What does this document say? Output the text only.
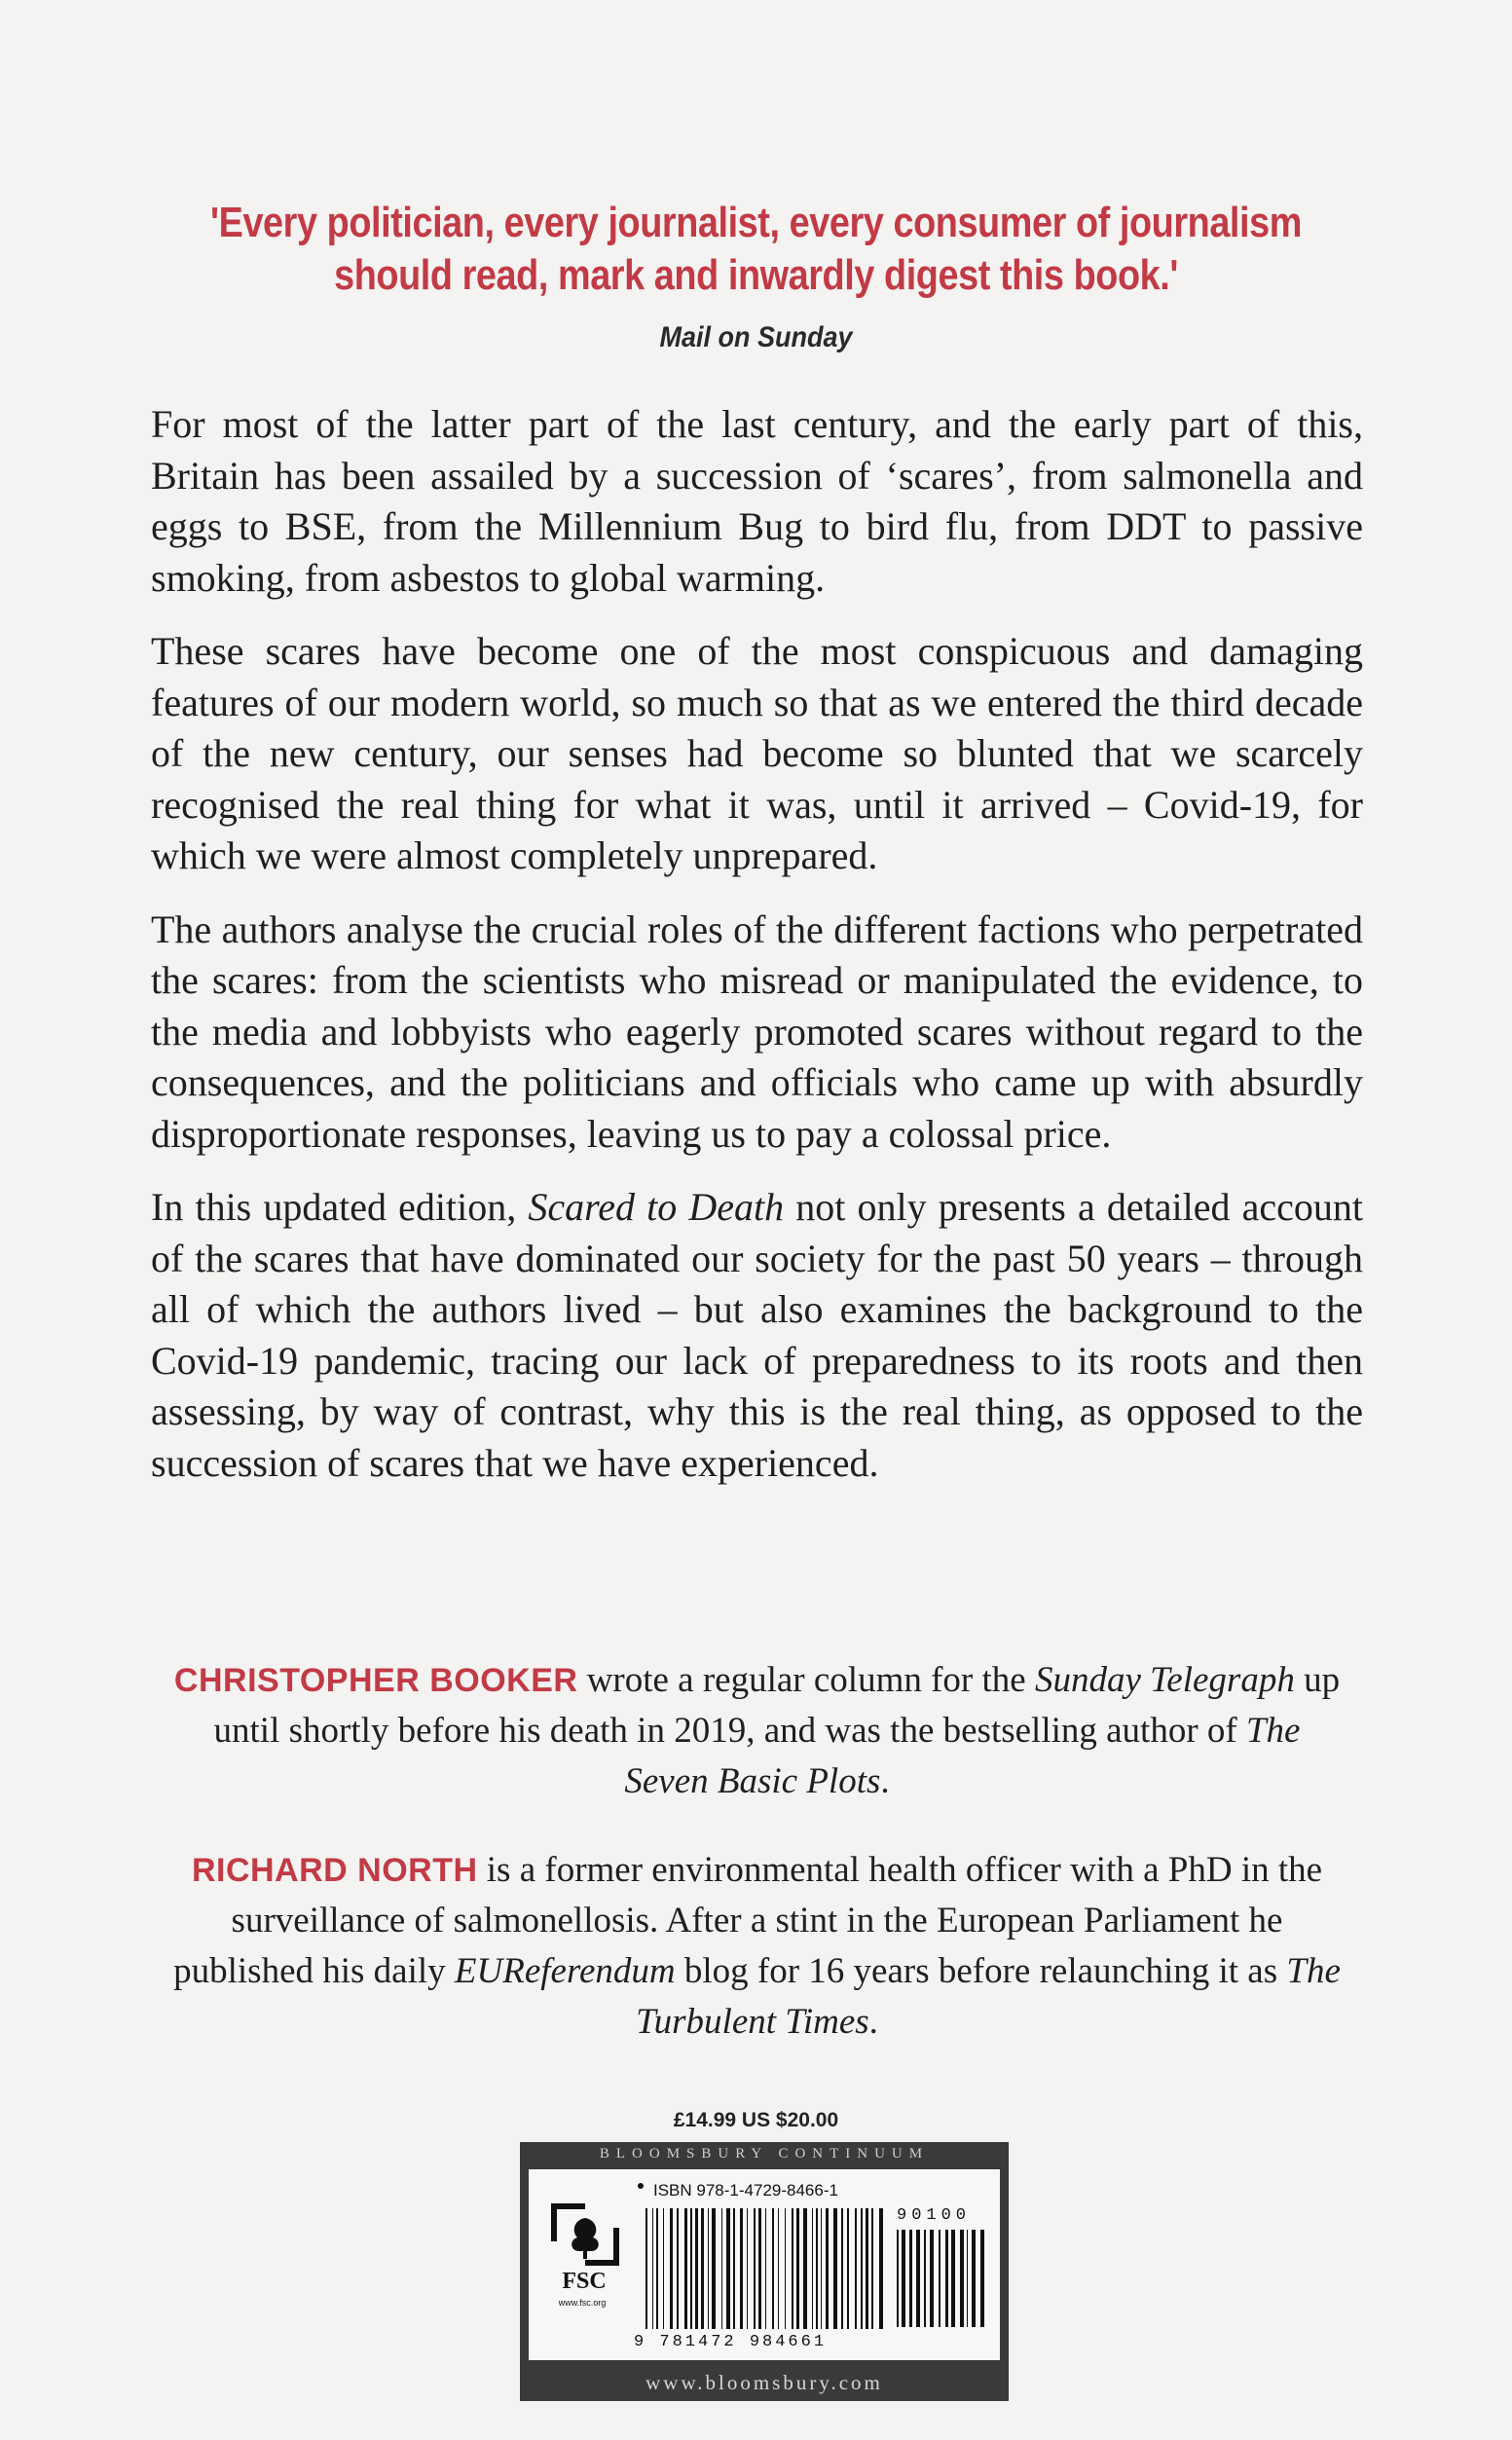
'Every politician, every journalist, every consumer of journalism
should read, mark and inwardly digest this book.'
Mail on Sunday

For most of the latter part of the last century, and the early part of this, Britain has been assailed by a succession of ‘scares’, from salmonella and eggs to BSE, from the Millennium Bug to bird flu, from DDT to passive smoking, from asbestos to global warming.

These scares have become one of the most conspicuous and damaging features of our modern world, so much so that as we entered the third decade of the new century, our senses had become so blunted that we scarcely recognised the real thing for what it was, until it arrived – Covid-19, for which we were almost completely unprepared.

The authors analyse the crucial roles of the different factions who perpetrated the scares: from the scientists who misread or manipulated the evidence, to the media and lobbyists who eagerly promoted scares without regard to the consequences, and the politicians and officials who came up with absurdly disproportionate responses, leaving us to pay a colossal price.

In this updated edition, Scared to Death not only presents a detailed account of the scares that have dominated our society for the past 50 years – through all of which the authors lived – but also examines the background to the Covid-19 pandemic, tracing our lack of preparedness to its roots and then assessing, by way of contrast, why this is the real thing, as opposed to the succession of scares that we have experienced.

CHRISTOPHER BOOKER wrote a regular column for the Sunday Telegraph up until shortly before his death in 2019, and was the bestselling author of The Seven Basic Plots.
RICHARD NORTH is a former environmental health officer with a PhD in the surveillance of salmonellosis. After a stint in the European Parliament he published his daily EUReferendum blog for 16 years before relaunching it as The Turbulent Times.
£14.99 US $20.00
BLOOMSBURY CONTINUUM
FSC
www.fsc.org
ISBN 978-1-4729-8466-1
90100
9 781472 984661
www.bloomsbury.com
